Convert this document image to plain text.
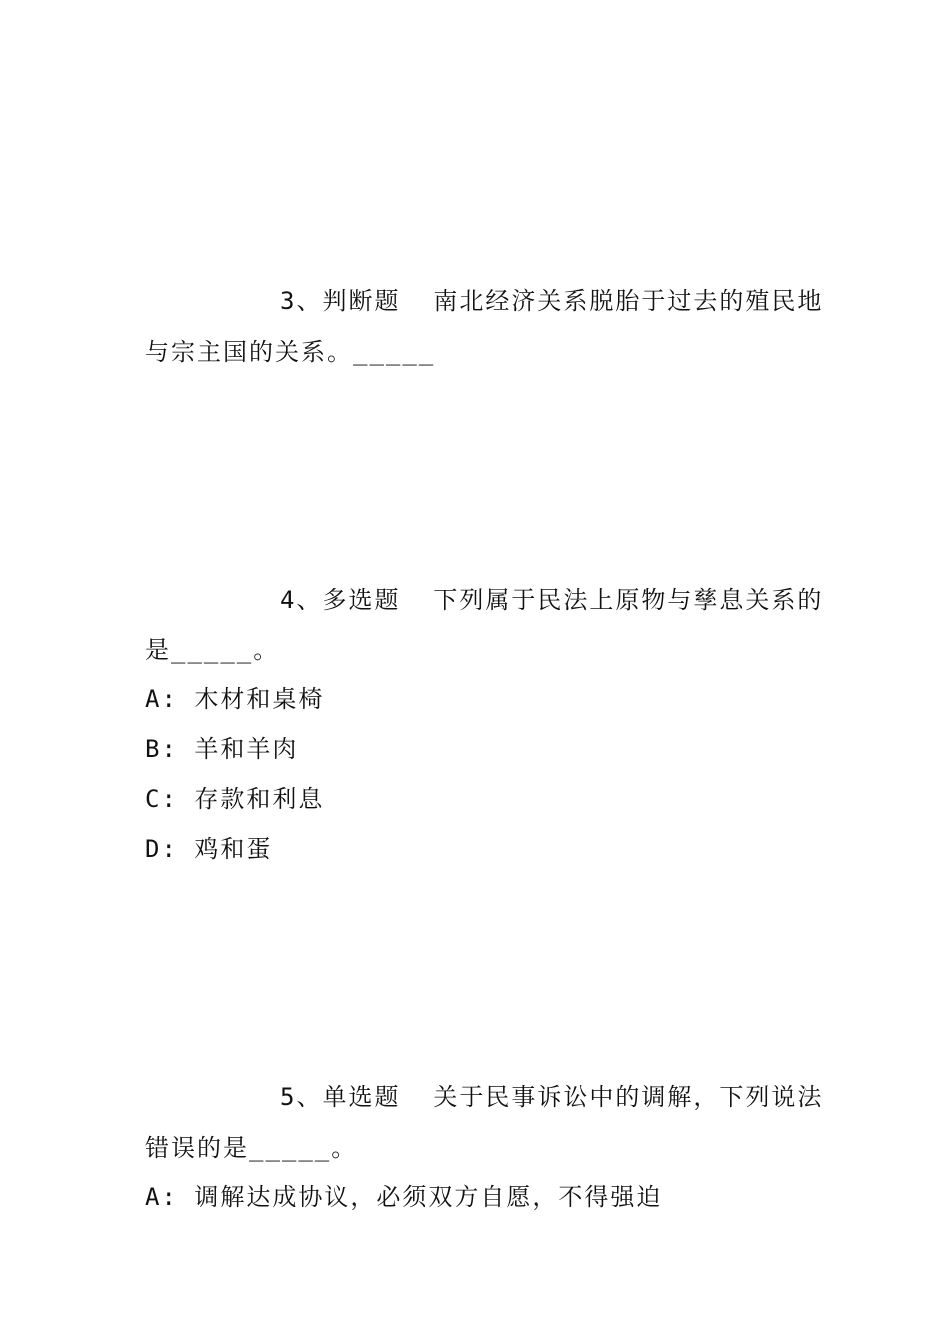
3、判断题  南北经济关系脱胎于过去的殖民地
与宗主国的关系。_____
4、多选题  下列属于民法上原物与孳息关系的
是_____。
A: 木材和桌椅
B: 羊和羊肉
C: 存款和利息
D: 鸡和蛋
5、单选题  关于民事诉讼中的调解，下列说法
错误的是_____。
A: 调解达成协议，必须双方自愿，不得强迫
